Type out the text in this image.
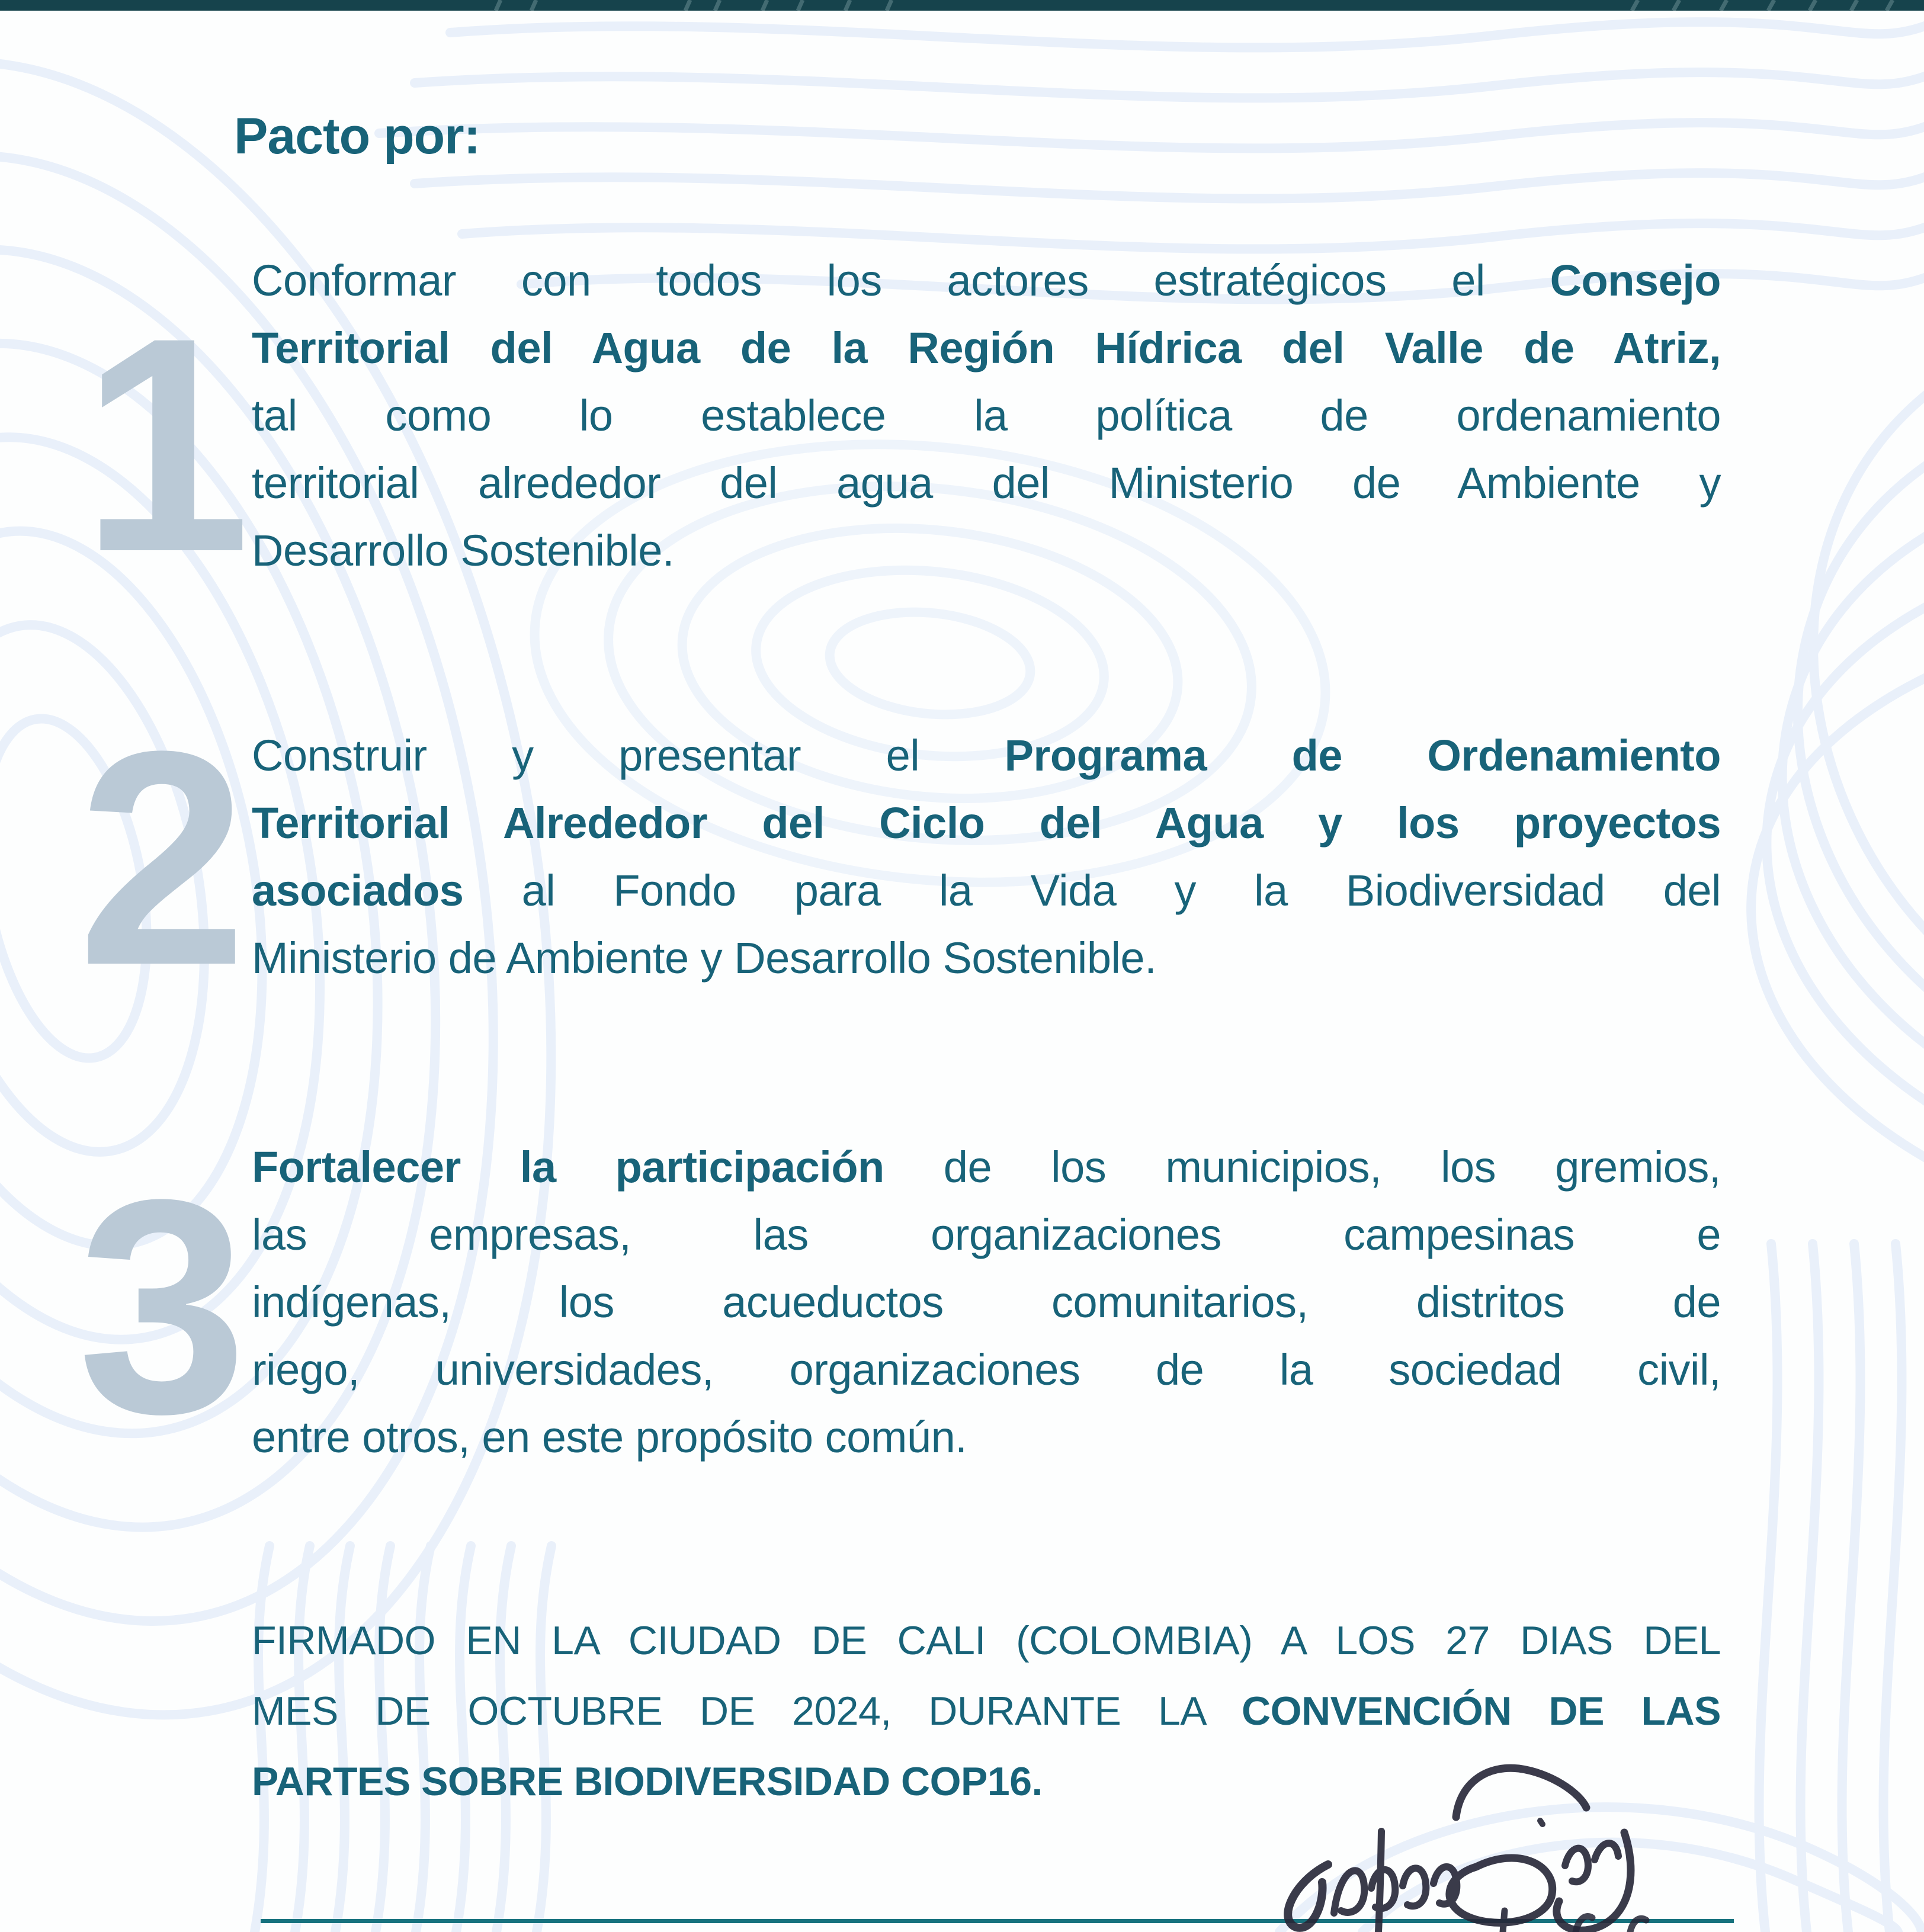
Pacto por:
1 Conformar con todos los actores estratégicos el Consejo
Territorial del Agua de la Región Hídrica del Valle de Atriz,
tal como lo establece la política de ordenamiento
territorial alrededor del agua del Ministerio de Ambiente y
Desarrollo Sostenible.
2 Construir y presentar el Programa de Ordenamiento
Territorial Alrededor del Ciclo del Agua y los proyectos
asociados al Fondo para la Vida y la Biodiversidad del
Ministerio de Ambiente y Desarrollo Sostenible.
3 Fortalecer la participación de los municipios, los gremios,
las empresas, las organizaciones campesinas e
indígenas, los acueductos comunitarios, distritos de
riego, universidades, organizaciones de la sociedad civil,
entre otros, en este propósito común.
FIRMADO EN LA CIUDAD DE CALI (COLOMBIA) A LOS 27 DIAS DEL
MES DE OCTUBRE DE 2024, DURANTE LA CONVENCIÓN DE LAS
PARTES SOBRE BIODIVERSIDAD COP16.
